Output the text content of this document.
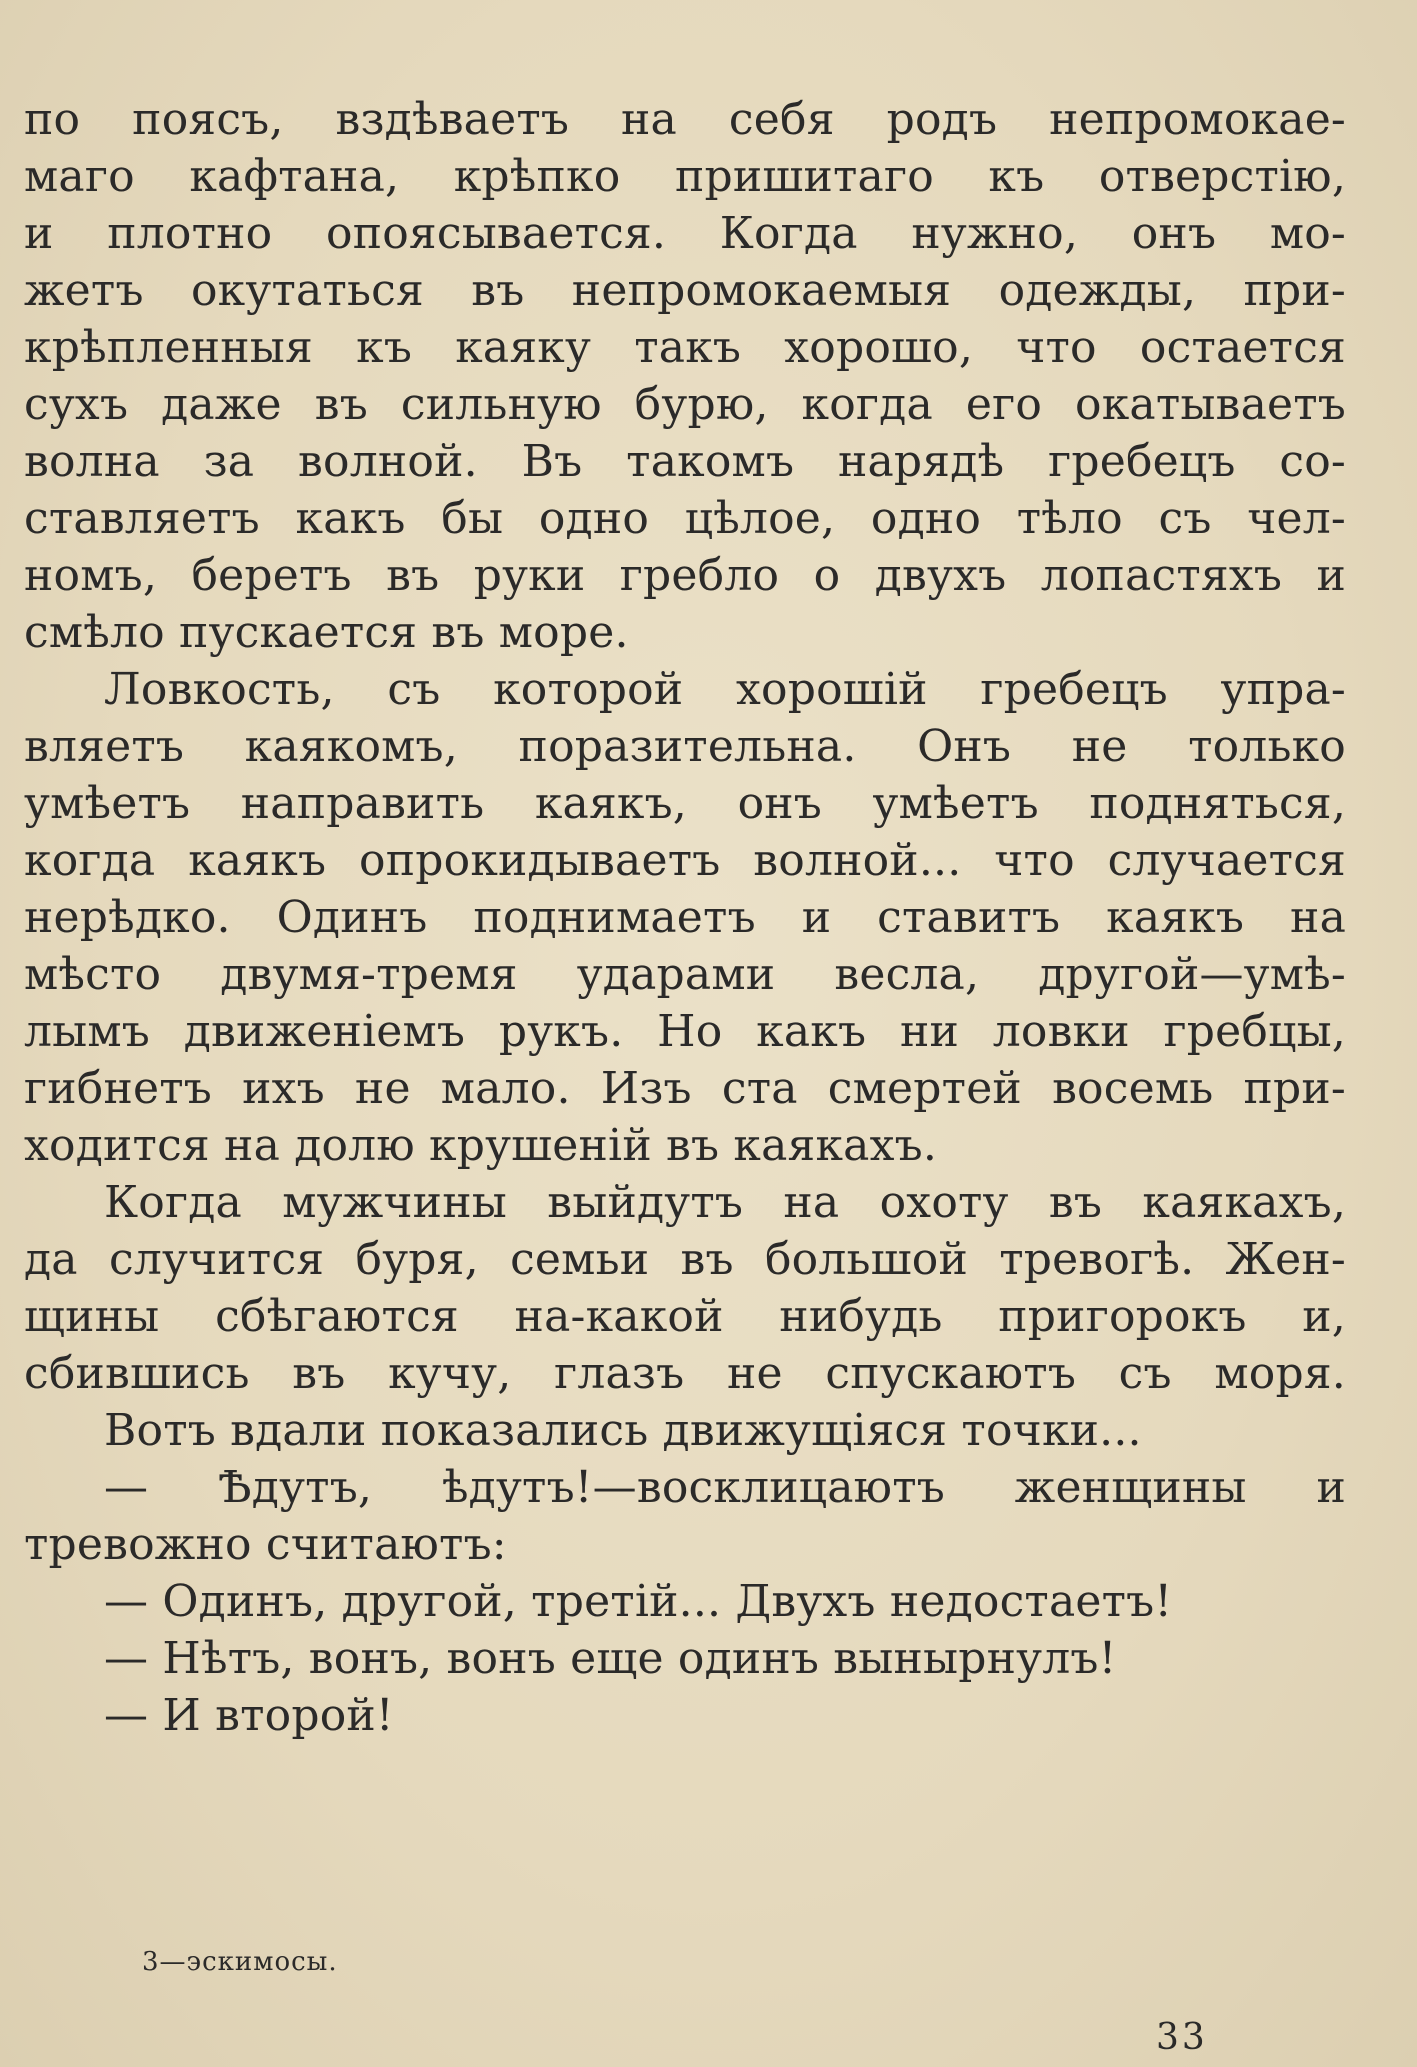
по поясъ, вздѣваетъ на себя родъ непромокае-
маго кафтана, крѣпко пришитаго къ отверстію,
и плотно опоясывается. Когда нужно, онъ мо-
жетъ окутаться въ непромокаемыя одежды, при-
крѣпленныя къ каяку такъ хорошо, что остается
сухъ даже въ сильную бурю, когда его окатываетъ
волна за волной. Въ такомъ нарядѣ гребецъ со-
ставляетъ какъ бы одно цѣлое, одно тѣло съ чел-
номъ, беретъ въ руки гребло о двухъ лопастяхъ и
смѣло пускается въ море.
Ловкость, съ которой хорошій гребецъ упра-
вляетъ каякомъ, поразительна. Онъ не только
умѣетъ направить каякъ, онъ умѣетъ подняться,
когда каякъ опрокидываетъ волной... что случается
нерѣдко. Одинъ поднимаетъ и ставитъ каякъ на
мѣсто двумя-тремя ударами весла, другой—умѣ-
лымъ движеніемъ рукъ. Но какъ ни ловки гребцы,
гибнетъ ихъ не мало. Изъ ста смертей восемь при-
ходится на долю крушеній въ каякахъ.
Когда мужчины выйдутъ на охоту въ каякахъ,
да случится буря, семьи въ большой тревогѣ. Жен-
щины сбѣгаются на-какой нибудь пригорокъ и,
сбившись въ кучу, глазъ не спускаютъ съ моря.
Вотъ вдали показались движущіяся точки...
— Ѣдутъ, ѣдутъ!—восклицаютъ женщины и
тревожно считаютъ:
— Одинъ, другой, третій... Двухъ недостаетъ!
— Нѣтъ, вонъ, вонъ еще одинъ вынырнулъ!
— И второй!
3—эскимосы.
33
